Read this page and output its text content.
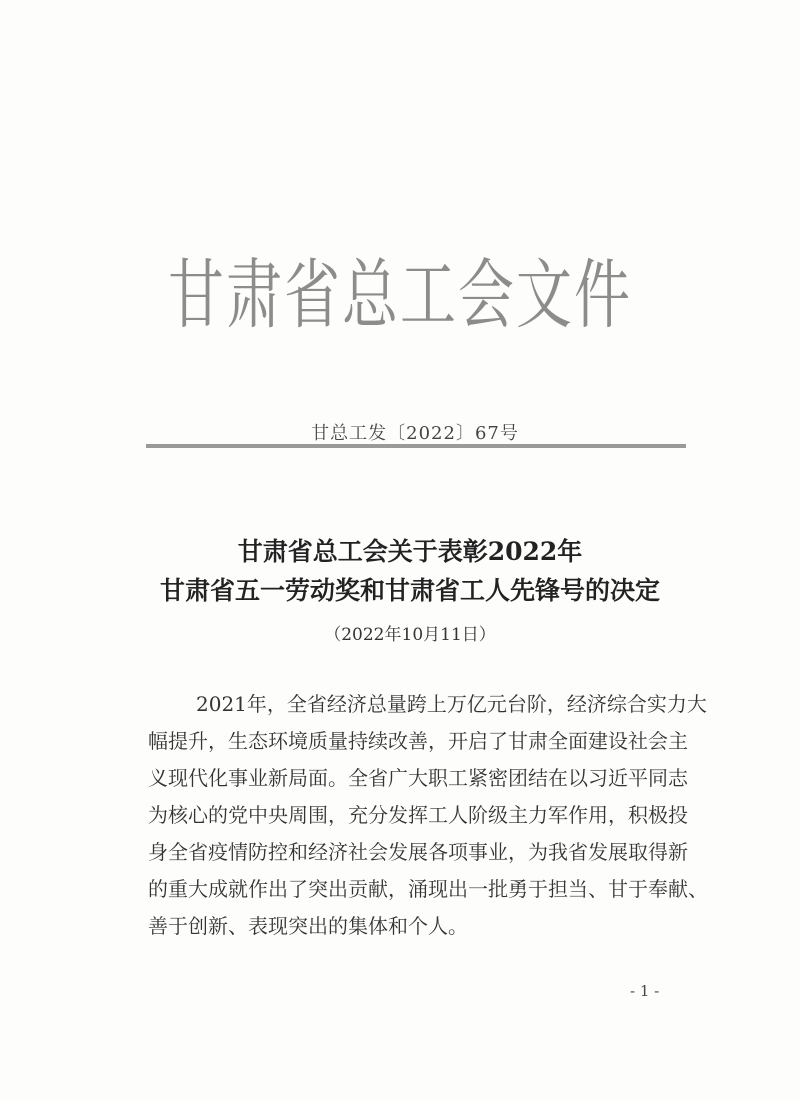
甘肃省总工会文件
甘总工发〔2022〕67号
甘肃省总工会关于表彰2022年
甘肃省五一劳动奖和甘肃省工人先锋号的决定
（2022年10月11日）
2021年，全省经济总量跨上万亿元台阶，经济综合实力大
幅提升，生态环境质量持续改善，开启了甘肃全面建设社会主
义现代化事业新局面。全省广大职工紧密团结在以习近平同志
为核心的党中央周围，充分发挥工人阶级主力军作用，积极投
身全省疫情防控和经济社会发展各项事业，为我省发展取得新
的重大成就作出了突出贡献，涌现出一批勇于担当、甘于奉献、
善于创新、表现突出的集体和个人。
- 1 -
